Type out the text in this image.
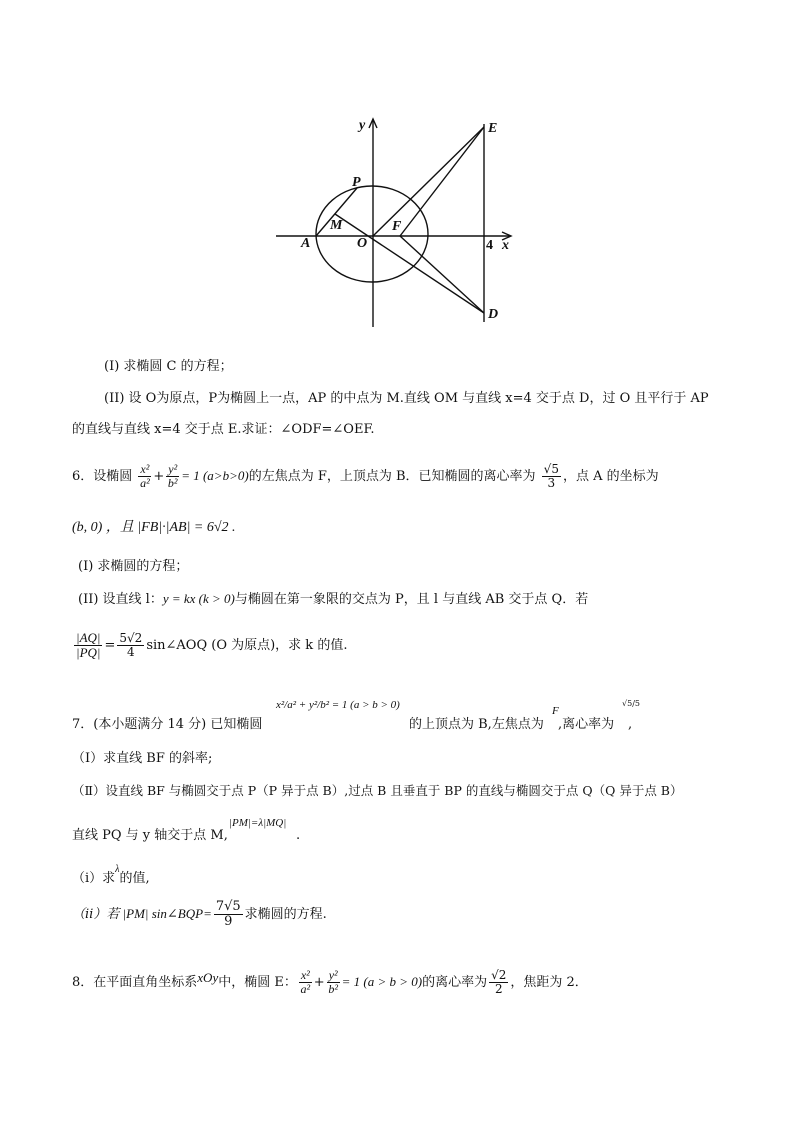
y	E
P
M	F
A	O	4 x
D
(I) 求椭圆 C 的方程；
(II) 设 O为原点，P为椭圆上一点，AP 的中点为 M.直线 OM 与直线 x=4 交于点 D，过 O 且平行于 AP
的直线与直线 x=4 交于点 E.求证：∠ODF=∠OEF.
6．设椭圆 $\frac{\text{x²}}{\text{a²}} + \frac{\text{y²}}{\text{b²}} = 1$ (a>b>0)的左焦点为 F，上顶点为 B．已知椭圆的离心率为 $\frac{√5}{3}$ ，点 A 的坐标为
(b, 0) ，且 |FB|·|AB| = 6√2 .
(I) 求椭圆的方程；
(II) 设直线 l：y = kx (k > 0)与椭圆在第一象限的交点为 P，且 l 与直线 AB 交于点 Q．若
$\frac{|AQ|}{|PQ|} = \frac{5√2}{4}$ sin∠AOQ (O 为原点)，求 k 的值.
7．(本小题满分 14 分) 已知椭圆
x²/a² + y²/b² = 1 (a > b > 0)
的上顶点为 B,左焦点为
F
,离心率为
√5/5
,
（Ⅰ）求直线 BF 的斜率;
（Ⅱ）设直线 BF 与椭圆交于点 P（P 异于点 B）,过点 B 且垂直于 BP 的直线与椭圆交于点 Q（Q 异于点 B）
直线 PQ 与 y 轴交于点 M,
|PM|=λ|MQ|
.
（ⅰ）求$^\lambda$的值,
（ⅱ）若 |PM| sin∠BQP= $\frac{7√5}{9}$ 求椭圆的方程.
8．在平面直角坐标系xOy中，椭圆 E： $\frac{\text{x²}}{\text{a²}} + \frac{\text{y²}}{\text{b²}} = 1$ (a > b > 0)的离心率为 $\frac{√2}{2}$ ，焦距为 2．
